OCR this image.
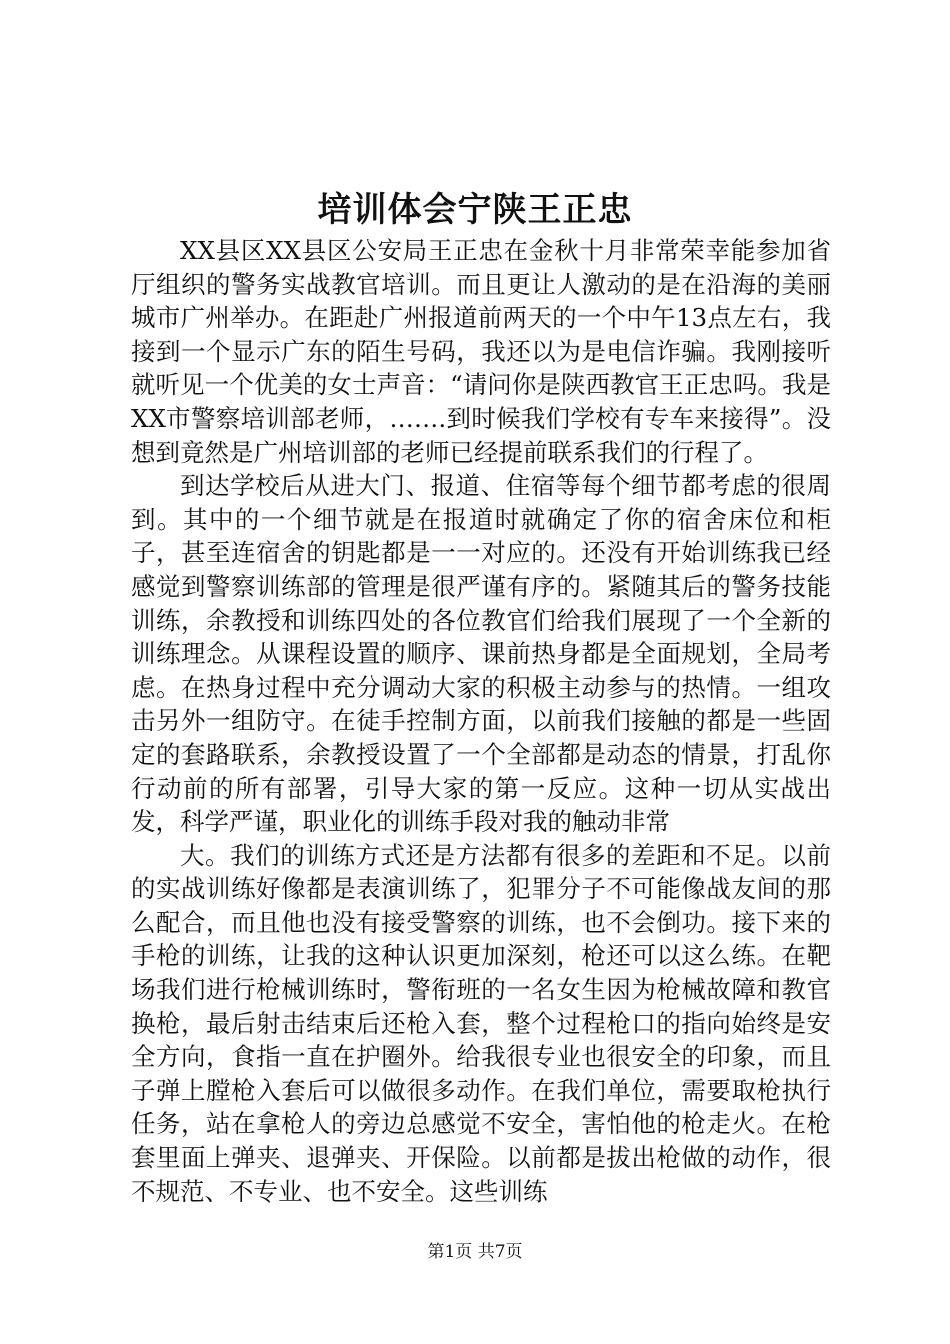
培训体会宁陕王正忠

XX县区XX县区公安局王正忠在金秋十月非常荣幸能参加省厅组织的警务实战教官培训。而且更让人激动的是在沿海的美丽城市广州举办。在距赴广州报道前两天的一个中午13点左右，我接到一个显示广东的陌生号码，我还以为是电信诈骗。我刚接听就听见一个优美的女士声音：“请问你是陕西教官王正忠吗。我是XX市警察培训部老师，…….到时候我们学校有专车来接得”。没想到竟然是广州培训部的老师已经提前联系我们的行程了。

到达学校后从进大门、报道、住宿等每个细节都考虑的很周到。其中的一个细节就是在报道时就确定了你的宿舍床位和柜子，甚至连宿舍的钥匙都是一一对应的。还没有开始训练我已经感觉到警察训练部的管理是很严谨有序的。紧随其后的警务技能训练，余教授和训练四处的各位教官们给我们展现了一个全新的训练理念。从课程设置的顺序、课前热身都是全面规划，全局考虑。在热身过程中充分调动大家的积极主动参与的热情。一组攻击另外一组防守。在徒手控制方面，以前我们接触的都是一些固定的套路联系，余教授设置了一个全部都是动态的情景，打乱你行动前的所有部署，引导大家的第一反应。这种一切从实战出发，科学严谨，职业化的训练手段对我的触动非常

大。我们的训练方式还是方法都有很多的差距和不足。以前的实战训练好像都是表演训练了，犯罪分子不可能像战友间的那么配合，而且他也没有接受警察的训练，也不会倒功。接下来的手枪的训练，让我的这种认识更加深刻，枪还可以这么练。在靶场我们进行枪械训练时，警衔班的一名女生因为枪械故障和教官换枪，最后射击结束后还枪入套，整个过程枪口的指向始终是安全方向，食指一直在护圈外。给我很专业也很安全的印象，而且子弹上膛枪入套后可以做很多动作。在我们单位，需要取枪执行任务，站在拿枪人的旁边总感觉不安全，害怕他的枪走火。在枪套里面上弹夹、退弹夹、开保险。以前都是拔出枪做的动作，很不规范、不专业、也不安全。这些训练

第1页 共7页
